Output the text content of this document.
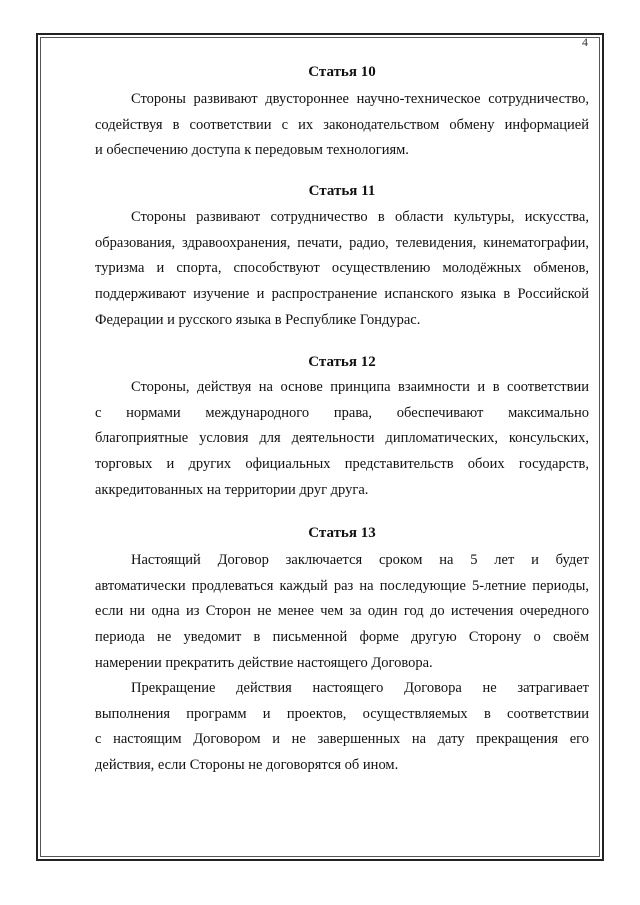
4
Статья 10
Стороны развивают двустороннее научно-техническое сотрудничество,
содействуя в соответствии с их законодательством обмену информацией
и обеспечению доступа к передовым технологиям.
Статья 11
Стороны развивают сотрудничество в области культуры, искусства,
образования, здравоохранения, печати, радио, телевидения, кинематографии,
туризма и спорта, способствуют осуществлению молодёжных обменов,
поддерживают изучение и распространение испанского языка в Российской
Федерации и русского языка в Республике Гондурас.
Статья 12
Стороны, действуя на основе принципа взаимности и в соответствии
с нормами международного права, обеспечивают максимально
благоприятные условия для деятельности дипломатических, консульских,
торговых и других официальных представительств обоих государств,
аккредитованных на территории друг друга.
Статья 13
Настоящий Договор заключается сроком на 5 лет и будет
автоматически продлеваться каждый раз на последующие 5-летние периоды,
если ни одна из Сторон не менее чем за один год до истечения очередного
периода не уведомит в письменной форме другую Сторону о своём
намерении прекратить действие настоящего Договора.
Прекращение действия настоящего Договора не затрагивает
выполнения программ и проектов, осуществляемых в соответствии
с настоящим Договором и не завершенных на дату прекращения его
действия, если Стороны не договорятся об ином.
